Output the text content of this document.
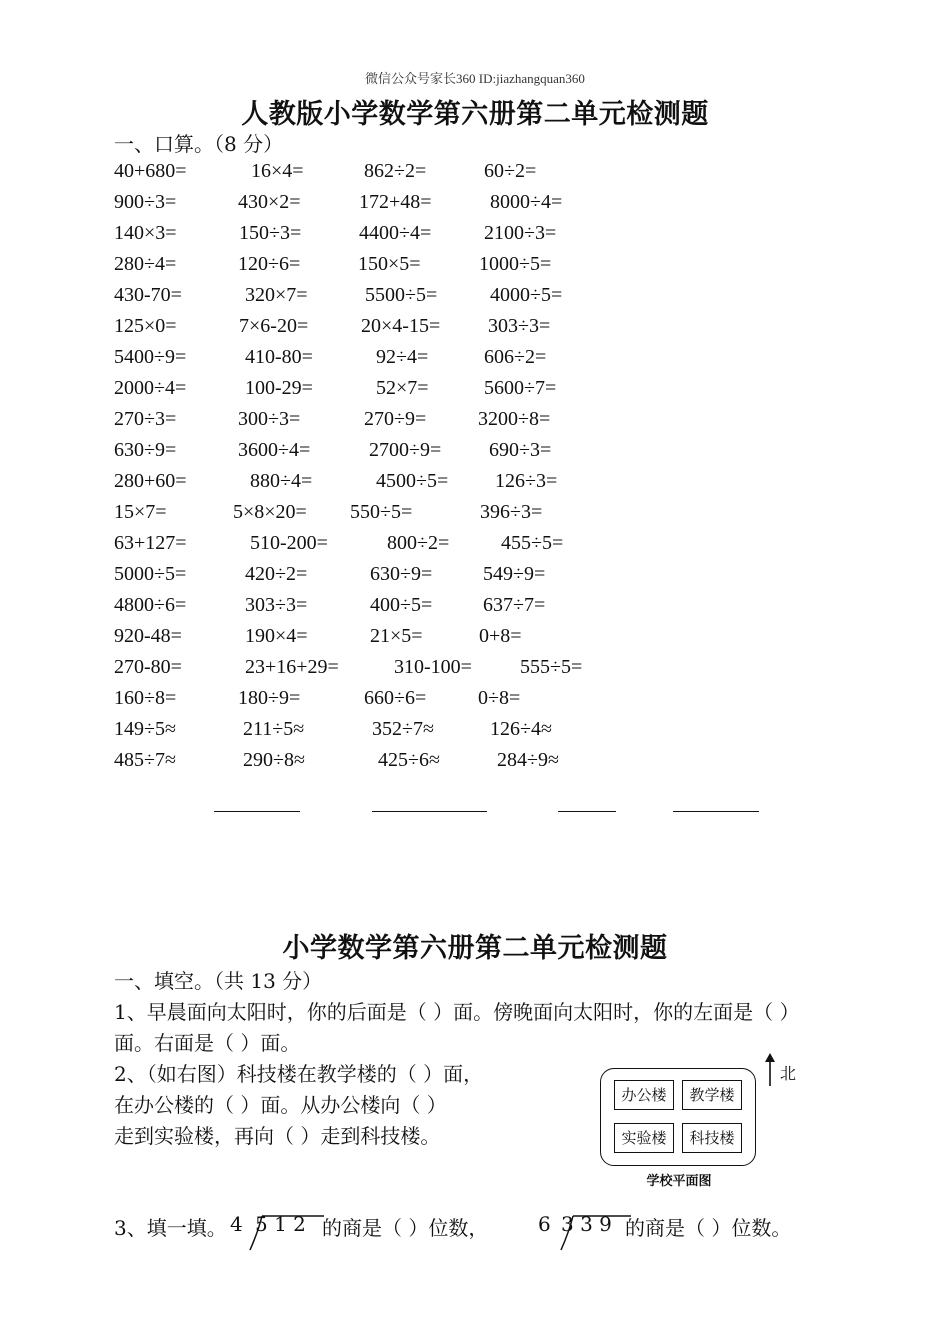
微信公众号家长360 ID:jiazhangquan360
人教版小学数学第六册第二单元检测题
一、口算。（8 分）
40+680=	16×4=	862÷2=	60÷2=
900÷3=	430×2=	172+48=	8000÷4=
140×3=	150÷3=	4400÷4=	2100÷3=
280÷4=	120÷6=	150×5=	1000÷5=
430-70=	320×7=	5500÷5=	4000÷5=
125×0=	7×6-20=	20×4-15= 303÷3=
5400÷9=	410-80=	92÷4=	606÷2=
2000÷4=	100-29=	52×7=	5600÷7=
270÷3=	300÷3=	270÷9=	3200÷8=
630÷9=	3600÷4=	2700÷9= 690÷3=
280+60=	880÷4=	4500÷5= 126÷3=
15×7=	5×8×20= 550÷5=	396÷3=
63+127=	510-200=	800÷2=	455÷5=
5000÷5=	420÷2=	630÷9=	549÷9=
4800÷6=	303÷3=	400÷5=	637÷7=
920-48=	190×4=	21×5=	0+8=
270-80=	23+16+29=	310-100= 555÷5=
160÷8=	180÷9=	660÷6=	0÷8=
149÷5≈	211÷5≈	352÷7≈	126÷4≈
485÷7≈	290÷8≈	425÷6≈	284÷9≈
小学数学第六册第二单元检测题
一、填空。（共 13 分）
1、早晨面向太阳时，你的后面是（ ）面。傍晚面向太阳时，你的左面是（ ）
面。右面是（ ）面。
2、（如右图）科技楼在教学楼的（ ）面，
在办公楼的（ ）面。从办公楼向（ ）
走到实验楼，再向（ ）走到科技楼。
办公楼	教学楼
实验楼	科技楼
北
学校平面图
3、填一填。 4 5 1 2 的商是（ ）位数， 6 3 3 9 的商是（ ）位数。
